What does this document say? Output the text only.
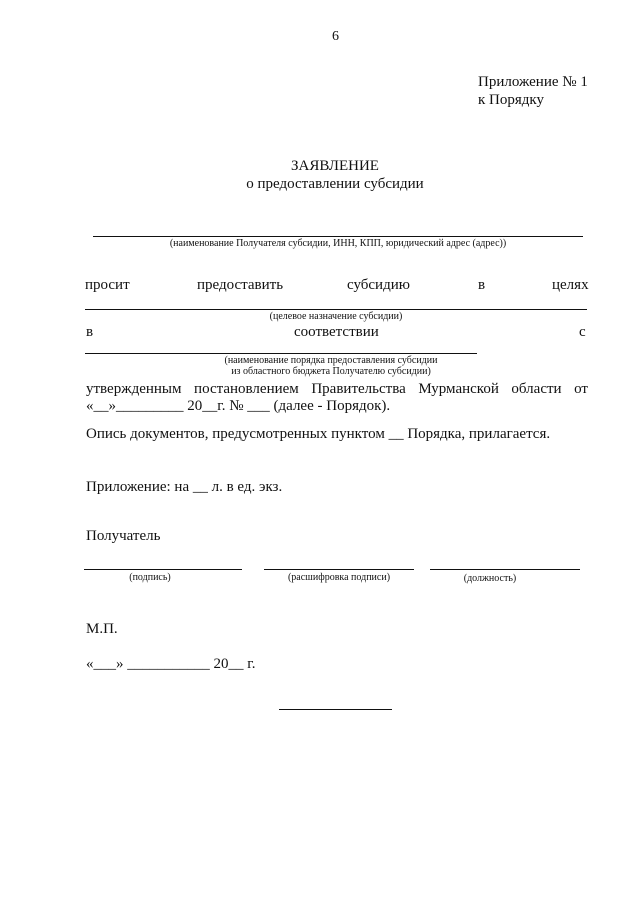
6
Приложение № 1
к Порядку
ЗАЯВЛЕНИЕ
о предоставлении субсидии
(наименование Получателя субсидии, ИНН, КПП, юридический адрес (адрес))
просит	предоставить	субсидию	в	целях
(целевое назначение субсидии)
в	соответствии	с
(наименование порядка предоставления субсидии
из областного бюджета Получателю субсидии)
утвержденным постановлением Правительства Мурманской области от
«__»_________ 20__г. № ___ (далее - Порядок).
Опись документов, предусмотренных пунктом __ Порядка, прилагается.
Приложение: на __ л. в ед. экз.
Получатель
(подпись)	(расшифровка подписи)	(должность)
М.П.
«___» ___________ 20__ г.
